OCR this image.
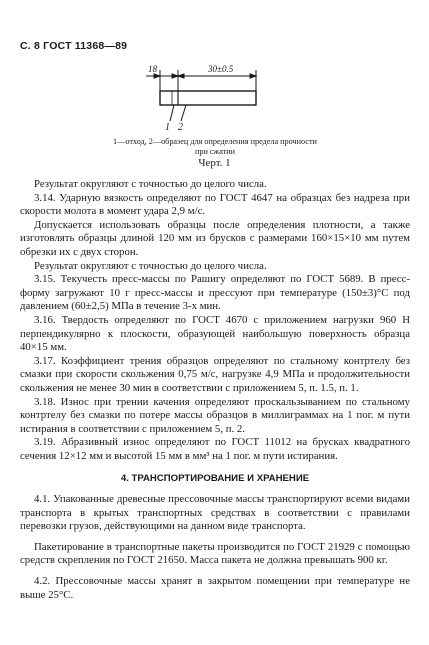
С. 8 ГОСТ 11368—89
18	30±0.5
1 2
1—отход, 2—образец для определения предела прочности
при сжатии
Черт. 1

Результат округляют с точностью до целого числа.

3.14. Ударную вязкость определяют по ГОСТ 4647 на образцах без надреза при скорости молота в момент удара 2,9 м/с.

Допускается использовать образцы после определения плотности, а также изготовлять образцы длиной 120 мм из брусков с размерами 160×15×10 мм путем обрезки их с двух сторон.

Результат округляют с точностью до целого числа.

3.15. Текучесть пресс-массы по Рашигу определяют по ГОСТ 5689. В пресс-форму загружают 10 г пресс-массы и прессуют при температуре (150±3)°С под давлением (60±2,5) МПа в течение 3-х мин.

3.16. Твердость определяют по ГОСТ 4670 с приложением нагрузки 960 Н перпендикулярно к плоскости, образующей наибольшую поверхность образца 40×15 мм.

3.17. Коэффициент трения образцов определяют по стальному контртелу без смазки при скорости скольжения 0,75 м/с, нагрузке 4,9 МПа и продолжительности скольжения не менее 30 мин в соответствии с приложением 5, п. 1.5, п. 1.

3.18. Износ при трении качения определяют проскальзыванием по стальному контртелу без смазки по потере массы образцов в миллиграммах на 1 пог. м пути истирания в соответствии с приложением 5, п. 2.

3.19. Абразивный износ определяют по ГОСТ 11012 на брусках квадратного сечения 12×12 мм и высотой 15 мм в мм³ на 1 пог. м пути истирания.

4. ТРАНСПОРТИРОВАНИЕ И ХРАНЕНИЕ

4.1. Упакованные древесные прессовочные массы транспортируют всеми видами транспорта в крытых транспортных средствах в соответствии с правилами перевозки грузов, действующими на данном виде транспорта.

Пакетирование в транспортные пакеты производится по ГОСТ 21929 с помощью средств скрепления по ГОСТ 21650. Масса пакета не должна превышать 900 кг.

4.2. Прессовочные массы хранят в закрытом помещении при температуре не выше 25°С.
